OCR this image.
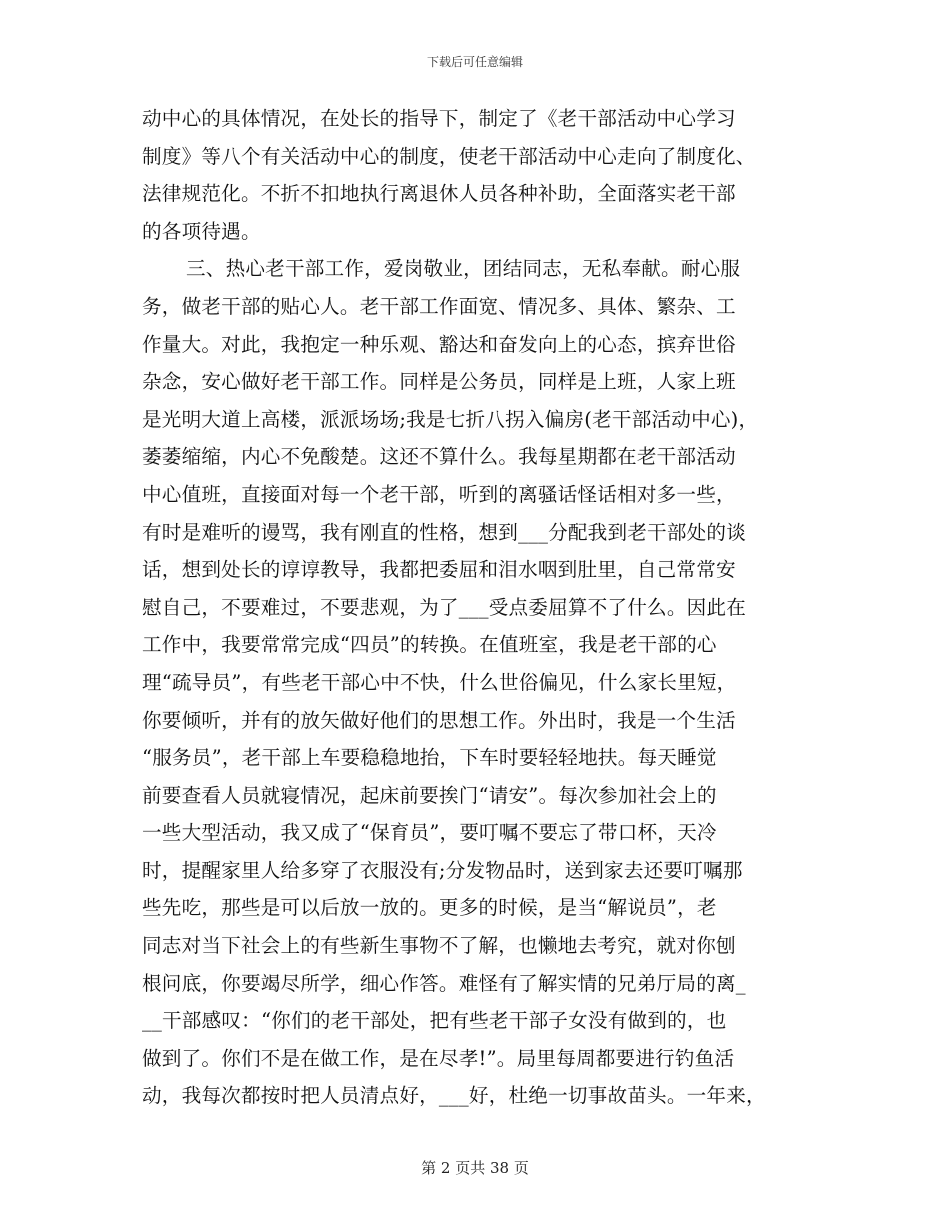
下载后可任意编辑
动中心的具体情况，在处长的指导下，制定了《老干部活动中心学习
制度》等八个有关活动中心的制度，使老干部活动中心走向了制度化、
法律规范化。不折不扣地执行离退休人员各种补助，全面落实老干部
的各项待遇。
三、热心老干部工作，爱岗敬业，团结同志，无私奉献。耐心服
务，做老干部的贴心人。老干部工作面宽、情况多、具体、繁杂、工
作量大。对此，我抱定一种乐观、豁达和奋发向上的心态，摈弃世俗
杂念，安心做好老干部工作。同样是公务员，同样是上班，人家上班
是光明大道上高楼，派派场场;我是七折八拐入偏房(老干部活动中心)，
萎萎缩缩，内心不免酸楚。这还不算什么。我每星期都在老干部活动
中心值班，直接面对每一个老干部，听到的离骚话怪话相对多一些，
有时是难听的谩骂，我有刚直的性格，想到___分配我到老干部处的谈
话，想到处长的谆谆教导，我都把委屈和泪水咽到肚里，自己常常安
慰自己，不要难过，不要悲观，为了___受点委屈算不了什么。因此在
工作中，我要常常完成“四员”的转换。在值班室，我是老干部的心
理“疏导员”，有些老干部心中不快，什么世俗偏见，什么家长里短，
你要倾听，并有的放矢做好他们的思想工作。外出时，我是一个生活
“服务员”，老干部上车要稳稳地抬，下车时要轻轻地扶。每天睡觉
前要查看人员就寝情况，起床前要挨门“请安”。每次参加社会上的
一些大型活动，我又成了“保育员”，要叮嘱不要忘了带口杯，天冷
时，提醒家里人给多穿了衣服没有;分发物品时，送到家去还要叮嘱那
些先吃，那些是可以后放一放的。更多的时候，是当“解说员”，老
同志对当下社会上的有些新生事物不了解，也懒地去考究，就对你刨
根问底，你要竭尽所学，细心作答。难怪有了解实情的兄弟厅局的离_
__干部感叹：“你们的老干部处，把有些老干部子女没有做到的，也
做到了。你们不是在做工作，是在尽孝!”。局里每周都要进行钓鱼活
动，我每次都按时把人员清点好，___好，杜绝一切事故苗头。一年来，
第 2 页共 38 页
